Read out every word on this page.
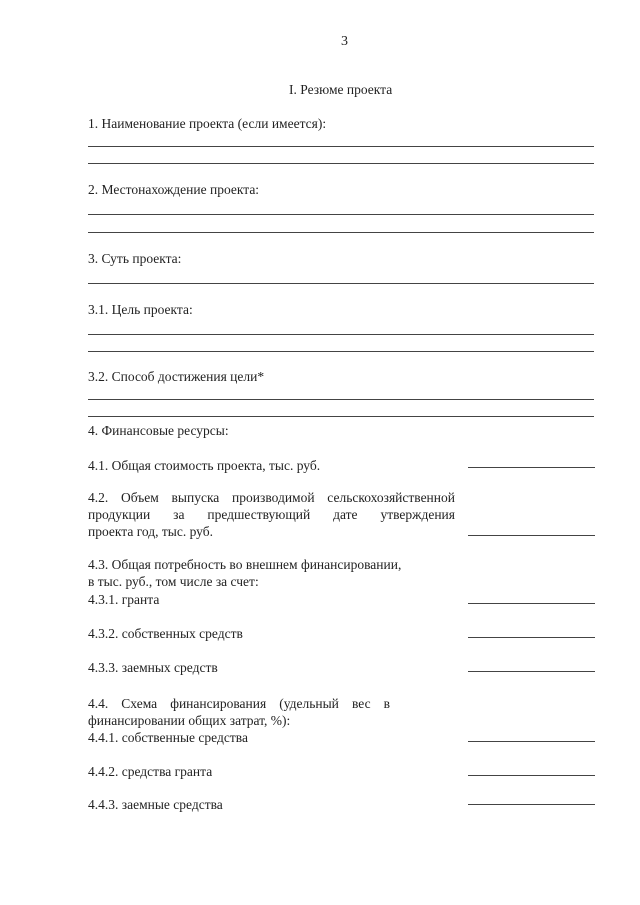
3
I. Резюме проекта
1. Наименование проекта (если имеется):
2. Местонахождение проекта:
3. Суть проекта:
3.1. Цель проекта:
3.2. Способ достижения цели*
4. Финансовые ресурсы:
4.1. Общая стоимость проекта, тыс. руб.
4.2. Объем выпуска производимой сельскохозяйственной
продукции за предшествующий дате утверждения
проекта год, тыс. руб.
4.3. Общая потребность во внешнем финансировании,
в тыс. руб., том числе за счет:
4.3.1. гранта
4.3.2. собственных средств
4.3.3. заемных средств
4.4. Схема финансирования (удельный вес в
финансировании общих затрат, %):
4.4.1. собственные средства
4.4.2. средства гранта
4.4.3. заемные средства
